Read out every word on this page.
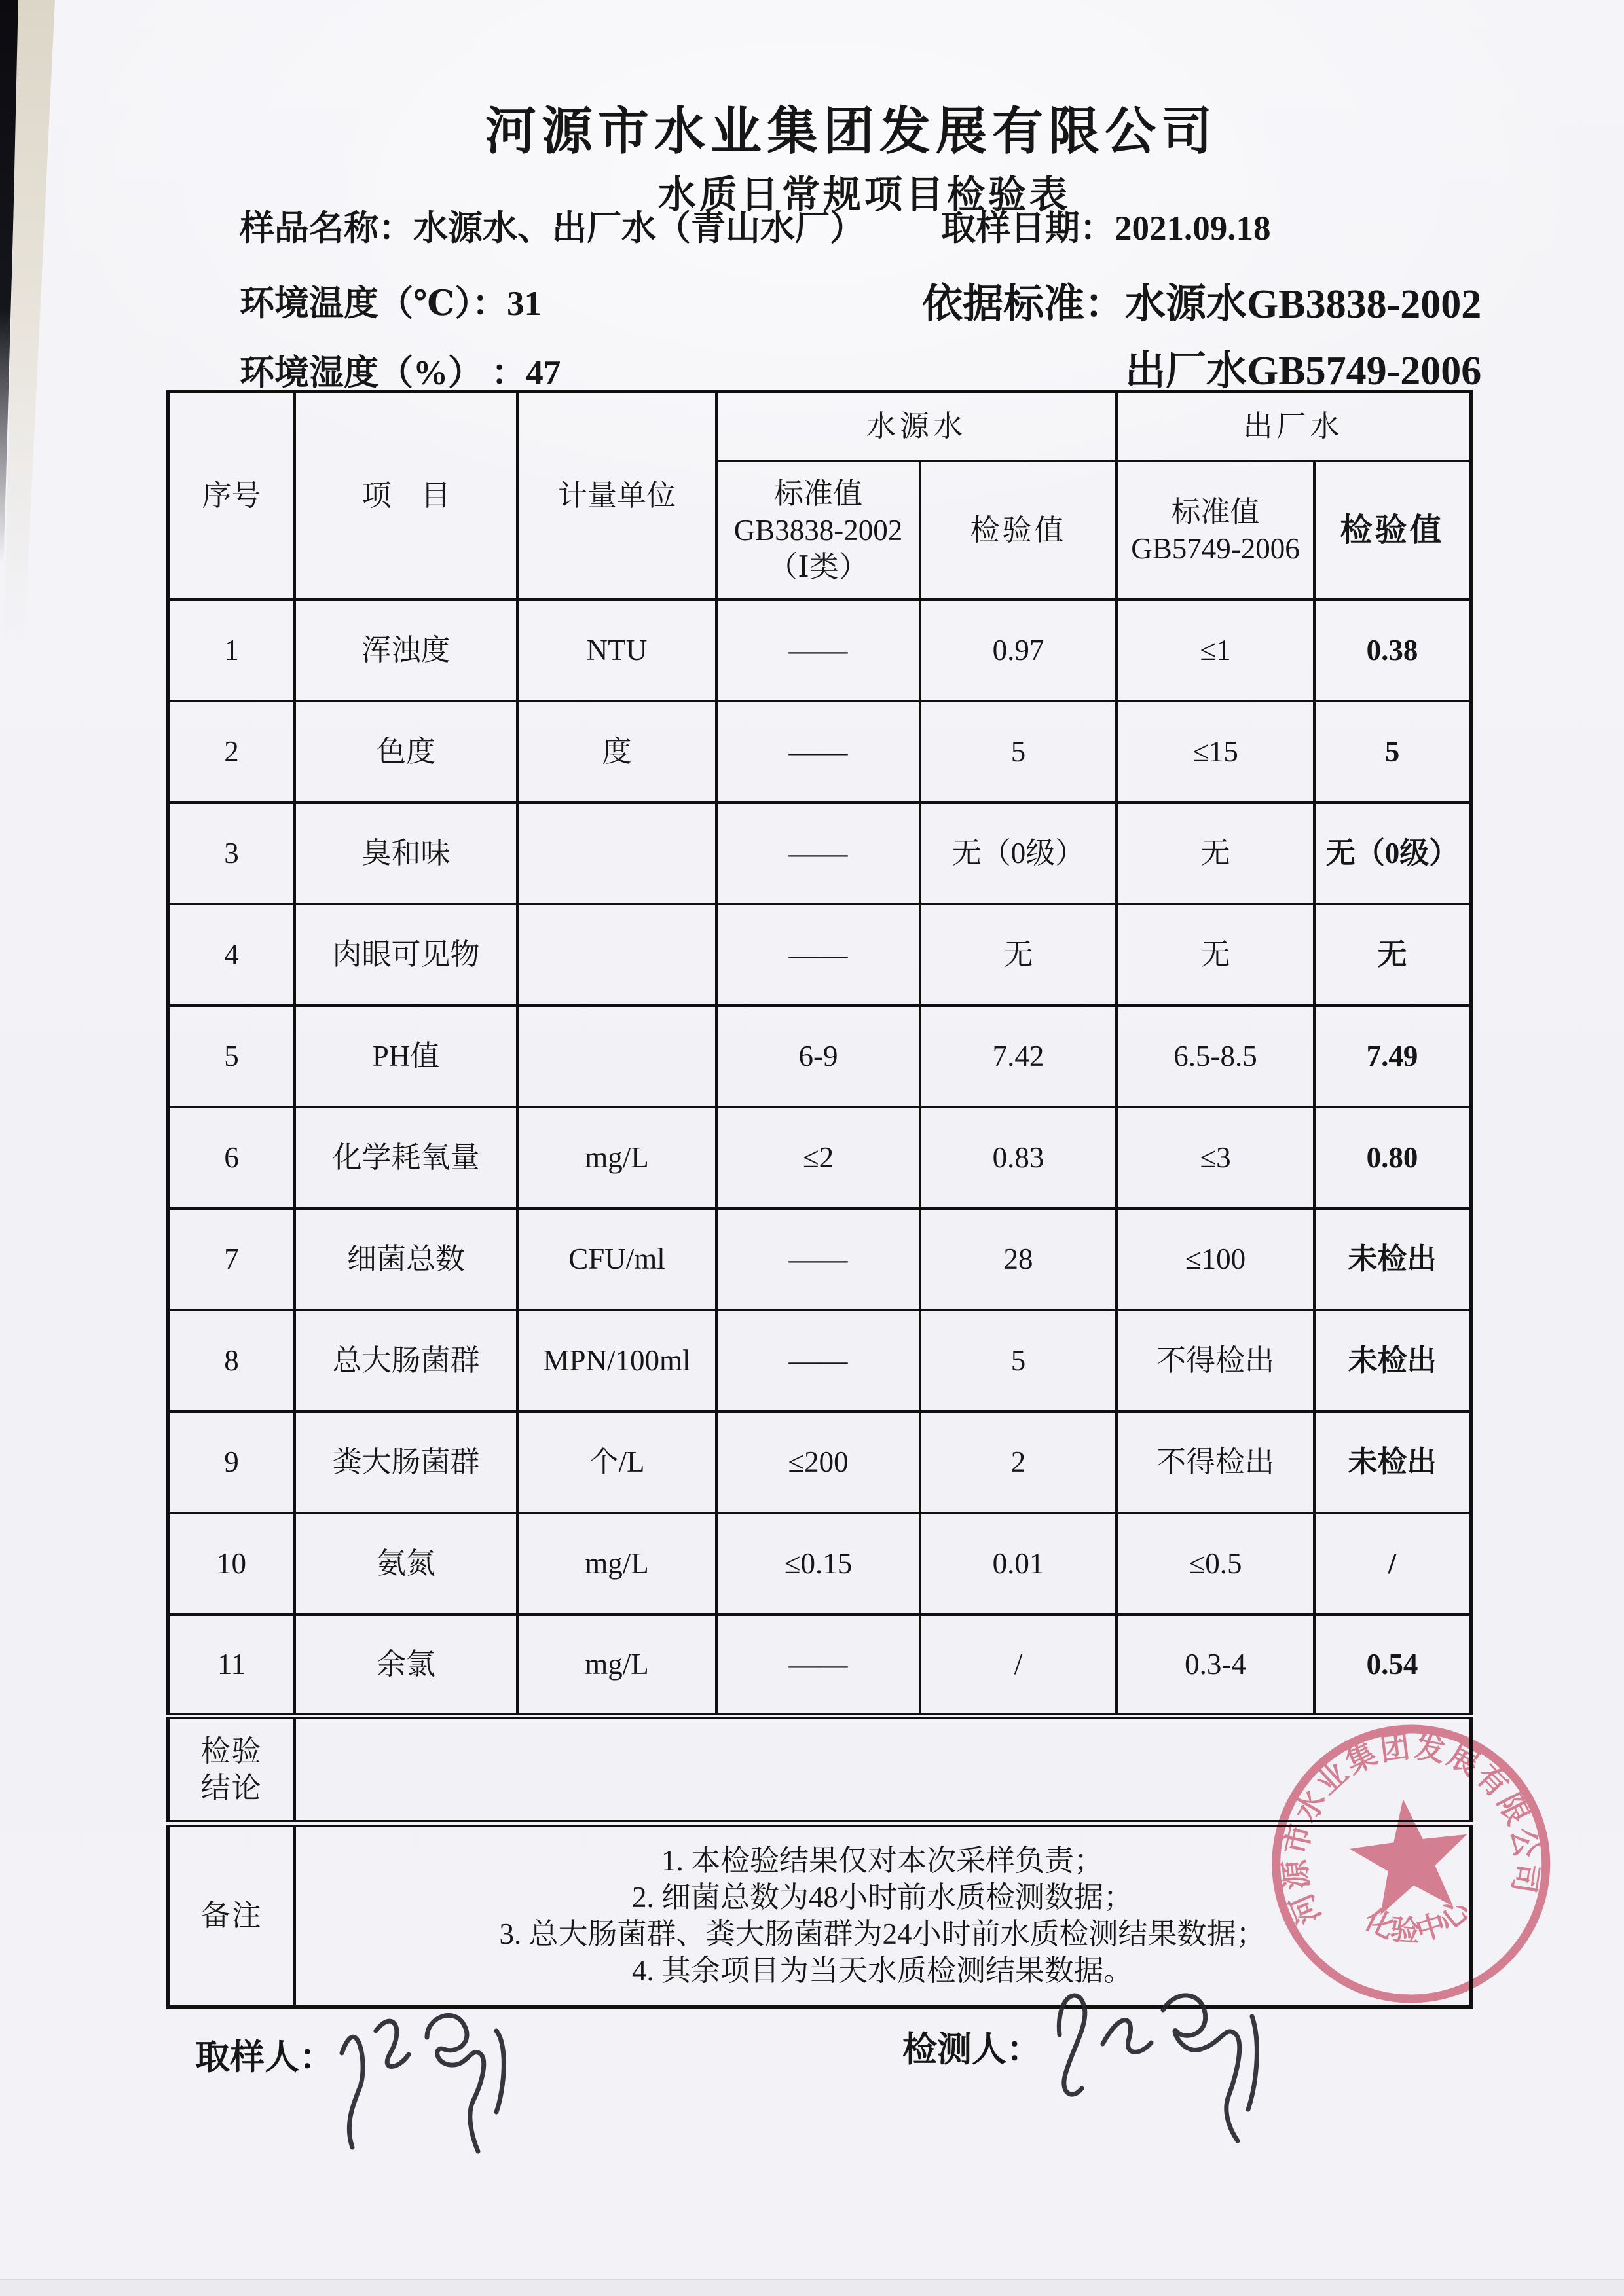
河源市水业集团发展有限公司
水质日常规项目检验表
样品名称：水源水、出厂水（青山水厂） 取样日期：2021.09.18
环境温度（℃）：31	依据标准：水源水GB3838-2002
环境湿度（%） ：47	出厂水GB5749-2006
序号	项　目	计量单位	水源水		出厂水	

标准值
GB3838-2002
（Ⅰ类）
	检验值	
标准值
GB5749-2006
	检验值
1	浑浊度	NTU	——	0.97	≤1	0.38
2	色度	度	——	5	≤15	5
3	臭和味		——	无（0级）	无	无（0级）
4	肉眼可见物		——	无	无	无
5	PH值		6-9	7.42	6.5-8.5	7.49
6	化学耗氧量	mg/L	≤2	0.83	≤3	0.80
7	细菌总数	CFU/ml	——	28	≤100	未检出
8	总大肠菌群	MPN/100ml	——	5	不得检出	未检出
9	粪大肠菌群	个/L	≤200	2	不得检出	未检出
10	氨氮	mg/L	≤0.15	0.01	≤0.5	/
11	余氯	mg/L	——	/	0.3-4	0.54

检验
结论						

备注	1. 本检验结果仅对本次采样负责；
2. 细菌总数为48小时前水质检测数据；
3. 总大肠菌群、粪大肠菌群为24小时前水质检测结果数据；
4. 其余项目为当天水质检测结果数据。					
河源市水业集团发展有限公司
化验中心
取样人：	检测人：
